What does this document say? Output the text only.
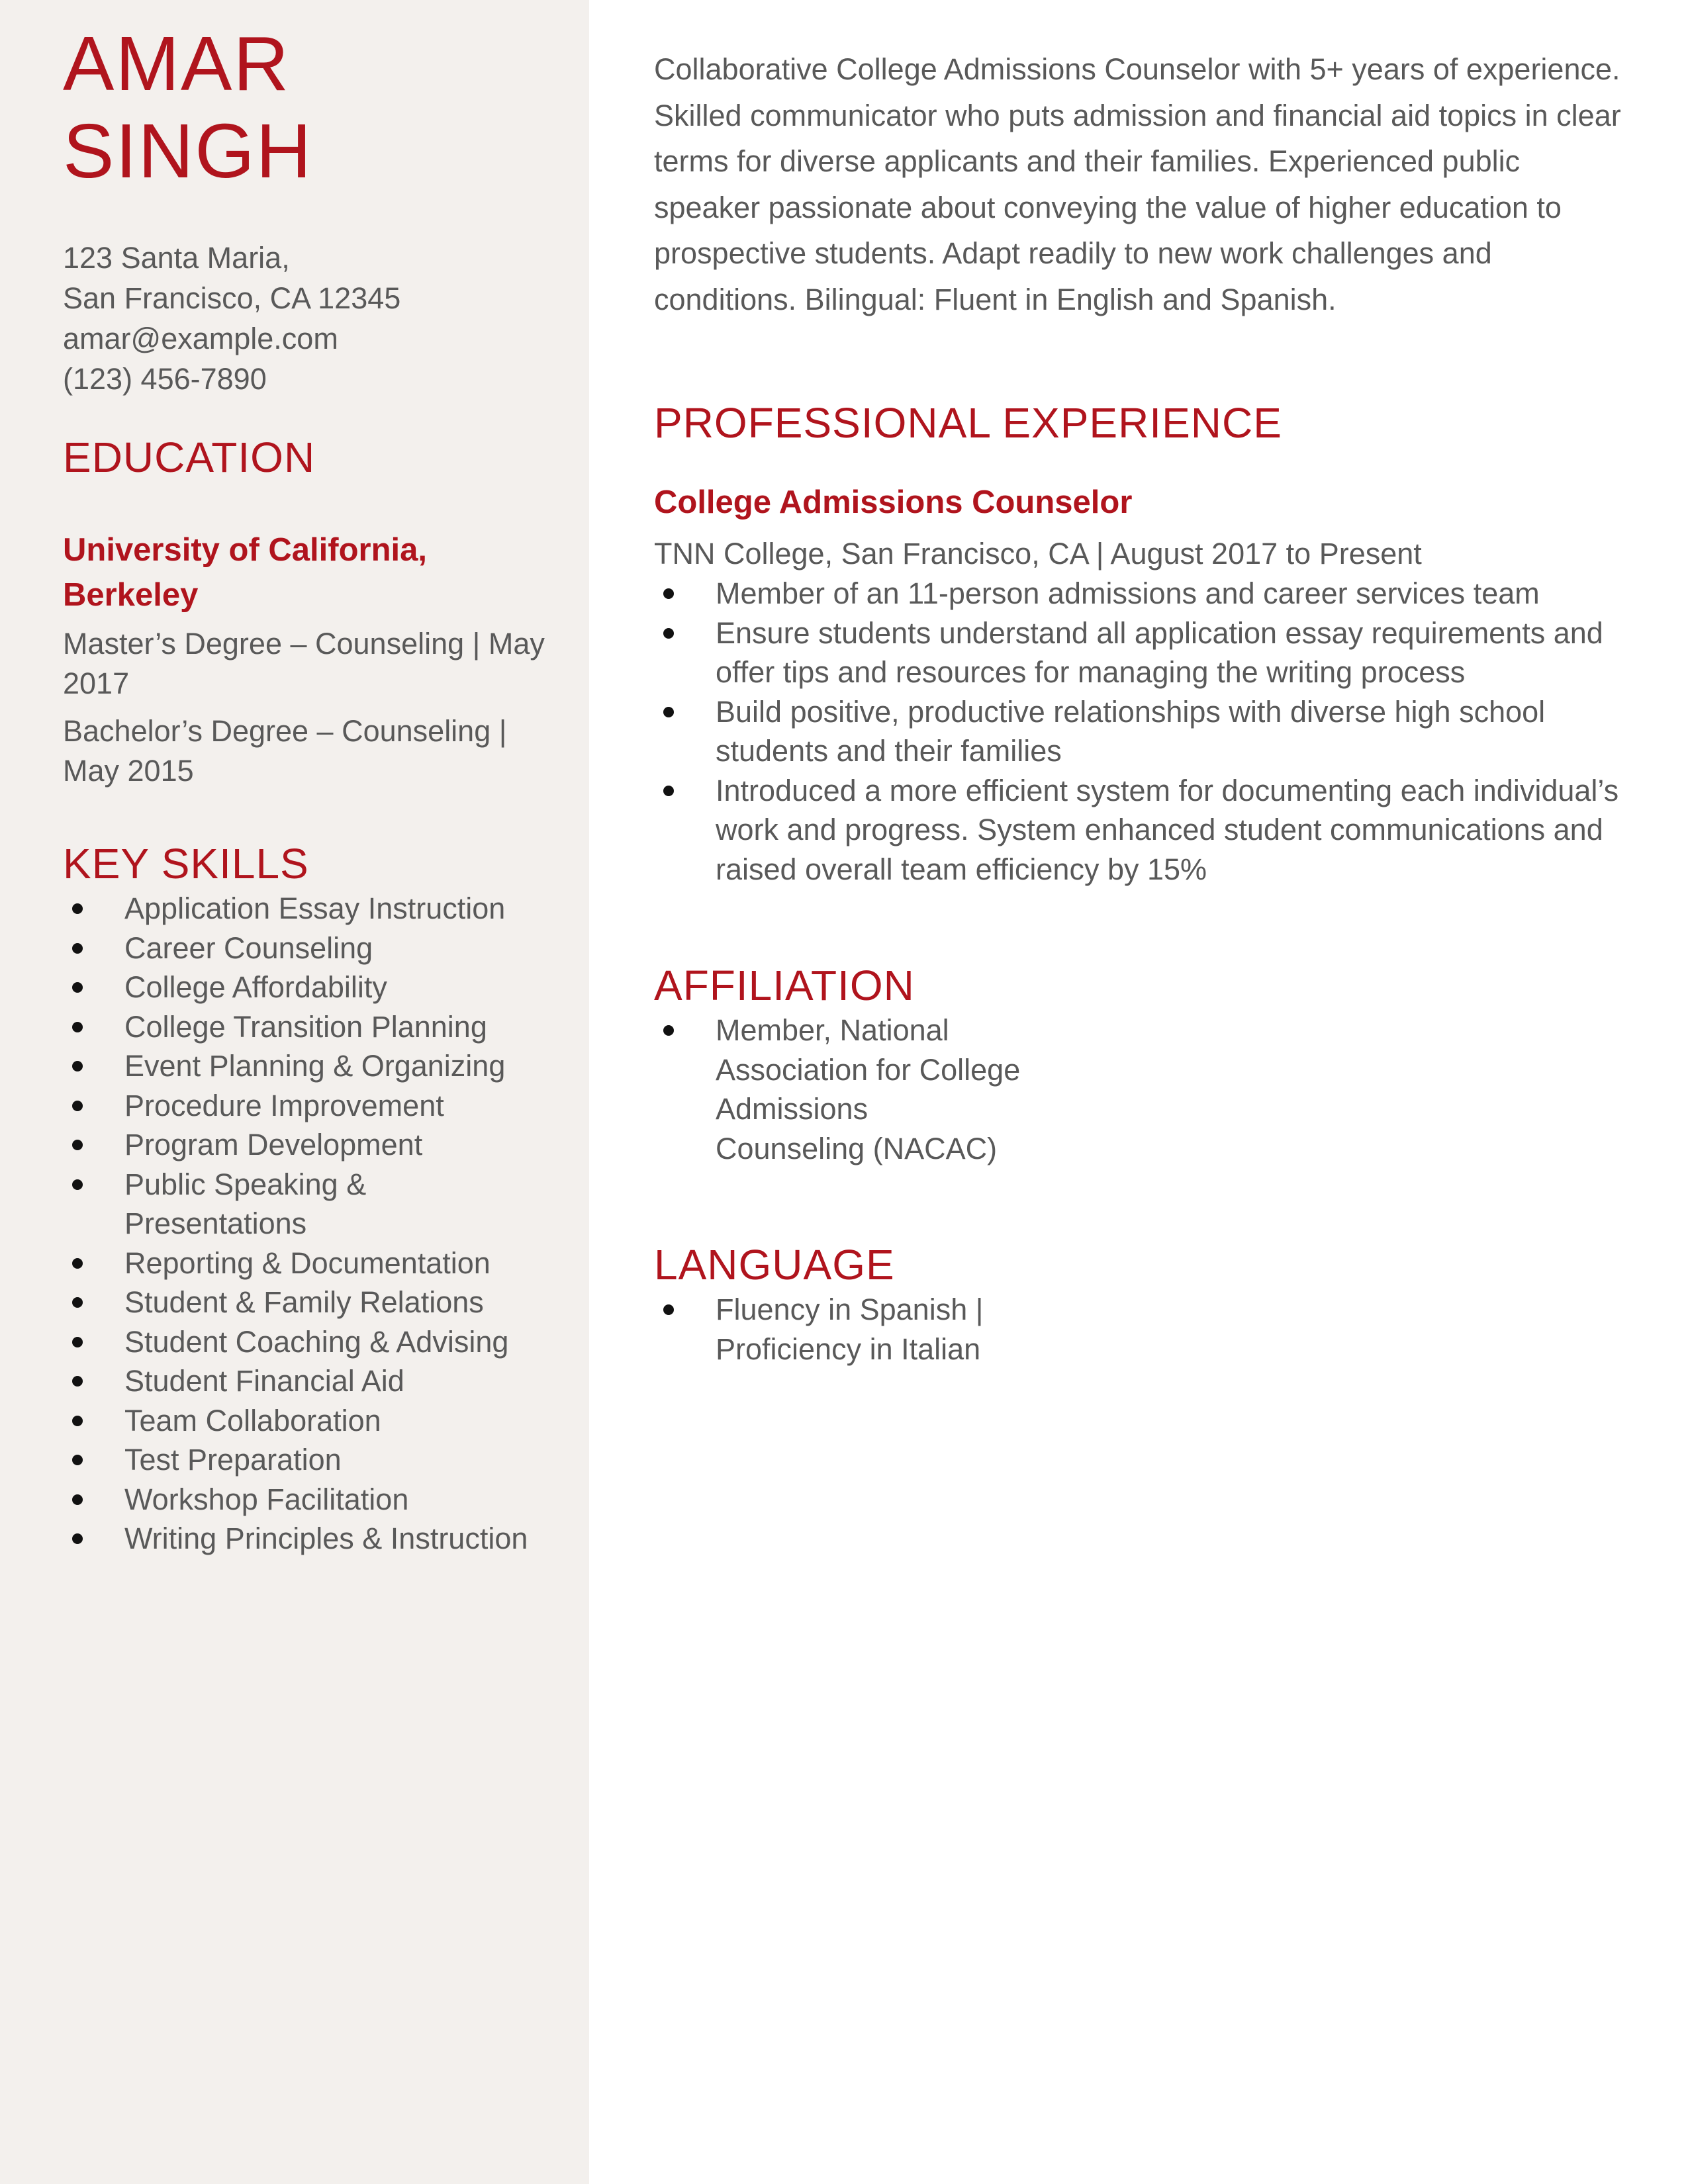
AMAR
SINGH
123 Santa Maria,
San Francisco, CA 12345
amar@example.com
(123) 456-7890
EDUCATION
University of California, Berkeley
Master’s Degree – Counseling | May 2017
Bachelor’s Degree – Counseling | May 2015
KEY SKILLS
Application Essay Instruction
Career Counseling
College Affordability
College Transition Planning
Event Planning & Organizing
Procedure Improvement
Program Development
Public Speaking & Presentations
Reporting & Documentation
Student & Family Relations
Student Coaching & Advising
Student Financial Aid
Team Collaboration
Test Preparation
Workshop Facilitation
Writing Principles & Instruction

Collaborative College Admissions Counselor with 5+ years of experience. Skilled communicator who puts admission and financial aid topics in clear terms for diverse applicants and their families. Experienced public speaker passionate about conveying the value of higher education to prospective students. Adapt readily to new work challenges and conditions. Bilingual: Fluent in English and Spanish.

PROFESSIONAL EXPERIENCE
College Admissions Counselor
TNN College, San Francisco, CA | August 2017 to Present
Member of an 11-person admissions and career services team
Ensure students understand all application essay requirements and offer tips and resources for managing the writing process
Build positive, productive relationships with diverse high school students and their families
Introduced a more efficient system for documenting each individual’s work and progress. System enhanced student communications and raised overall team efficiency by 15%
AFFILIATION
Member, National Association for College Admissions Counseling (NACAC)
LANGUAGE
Fluency in Spanish | Proficiency in Italian
